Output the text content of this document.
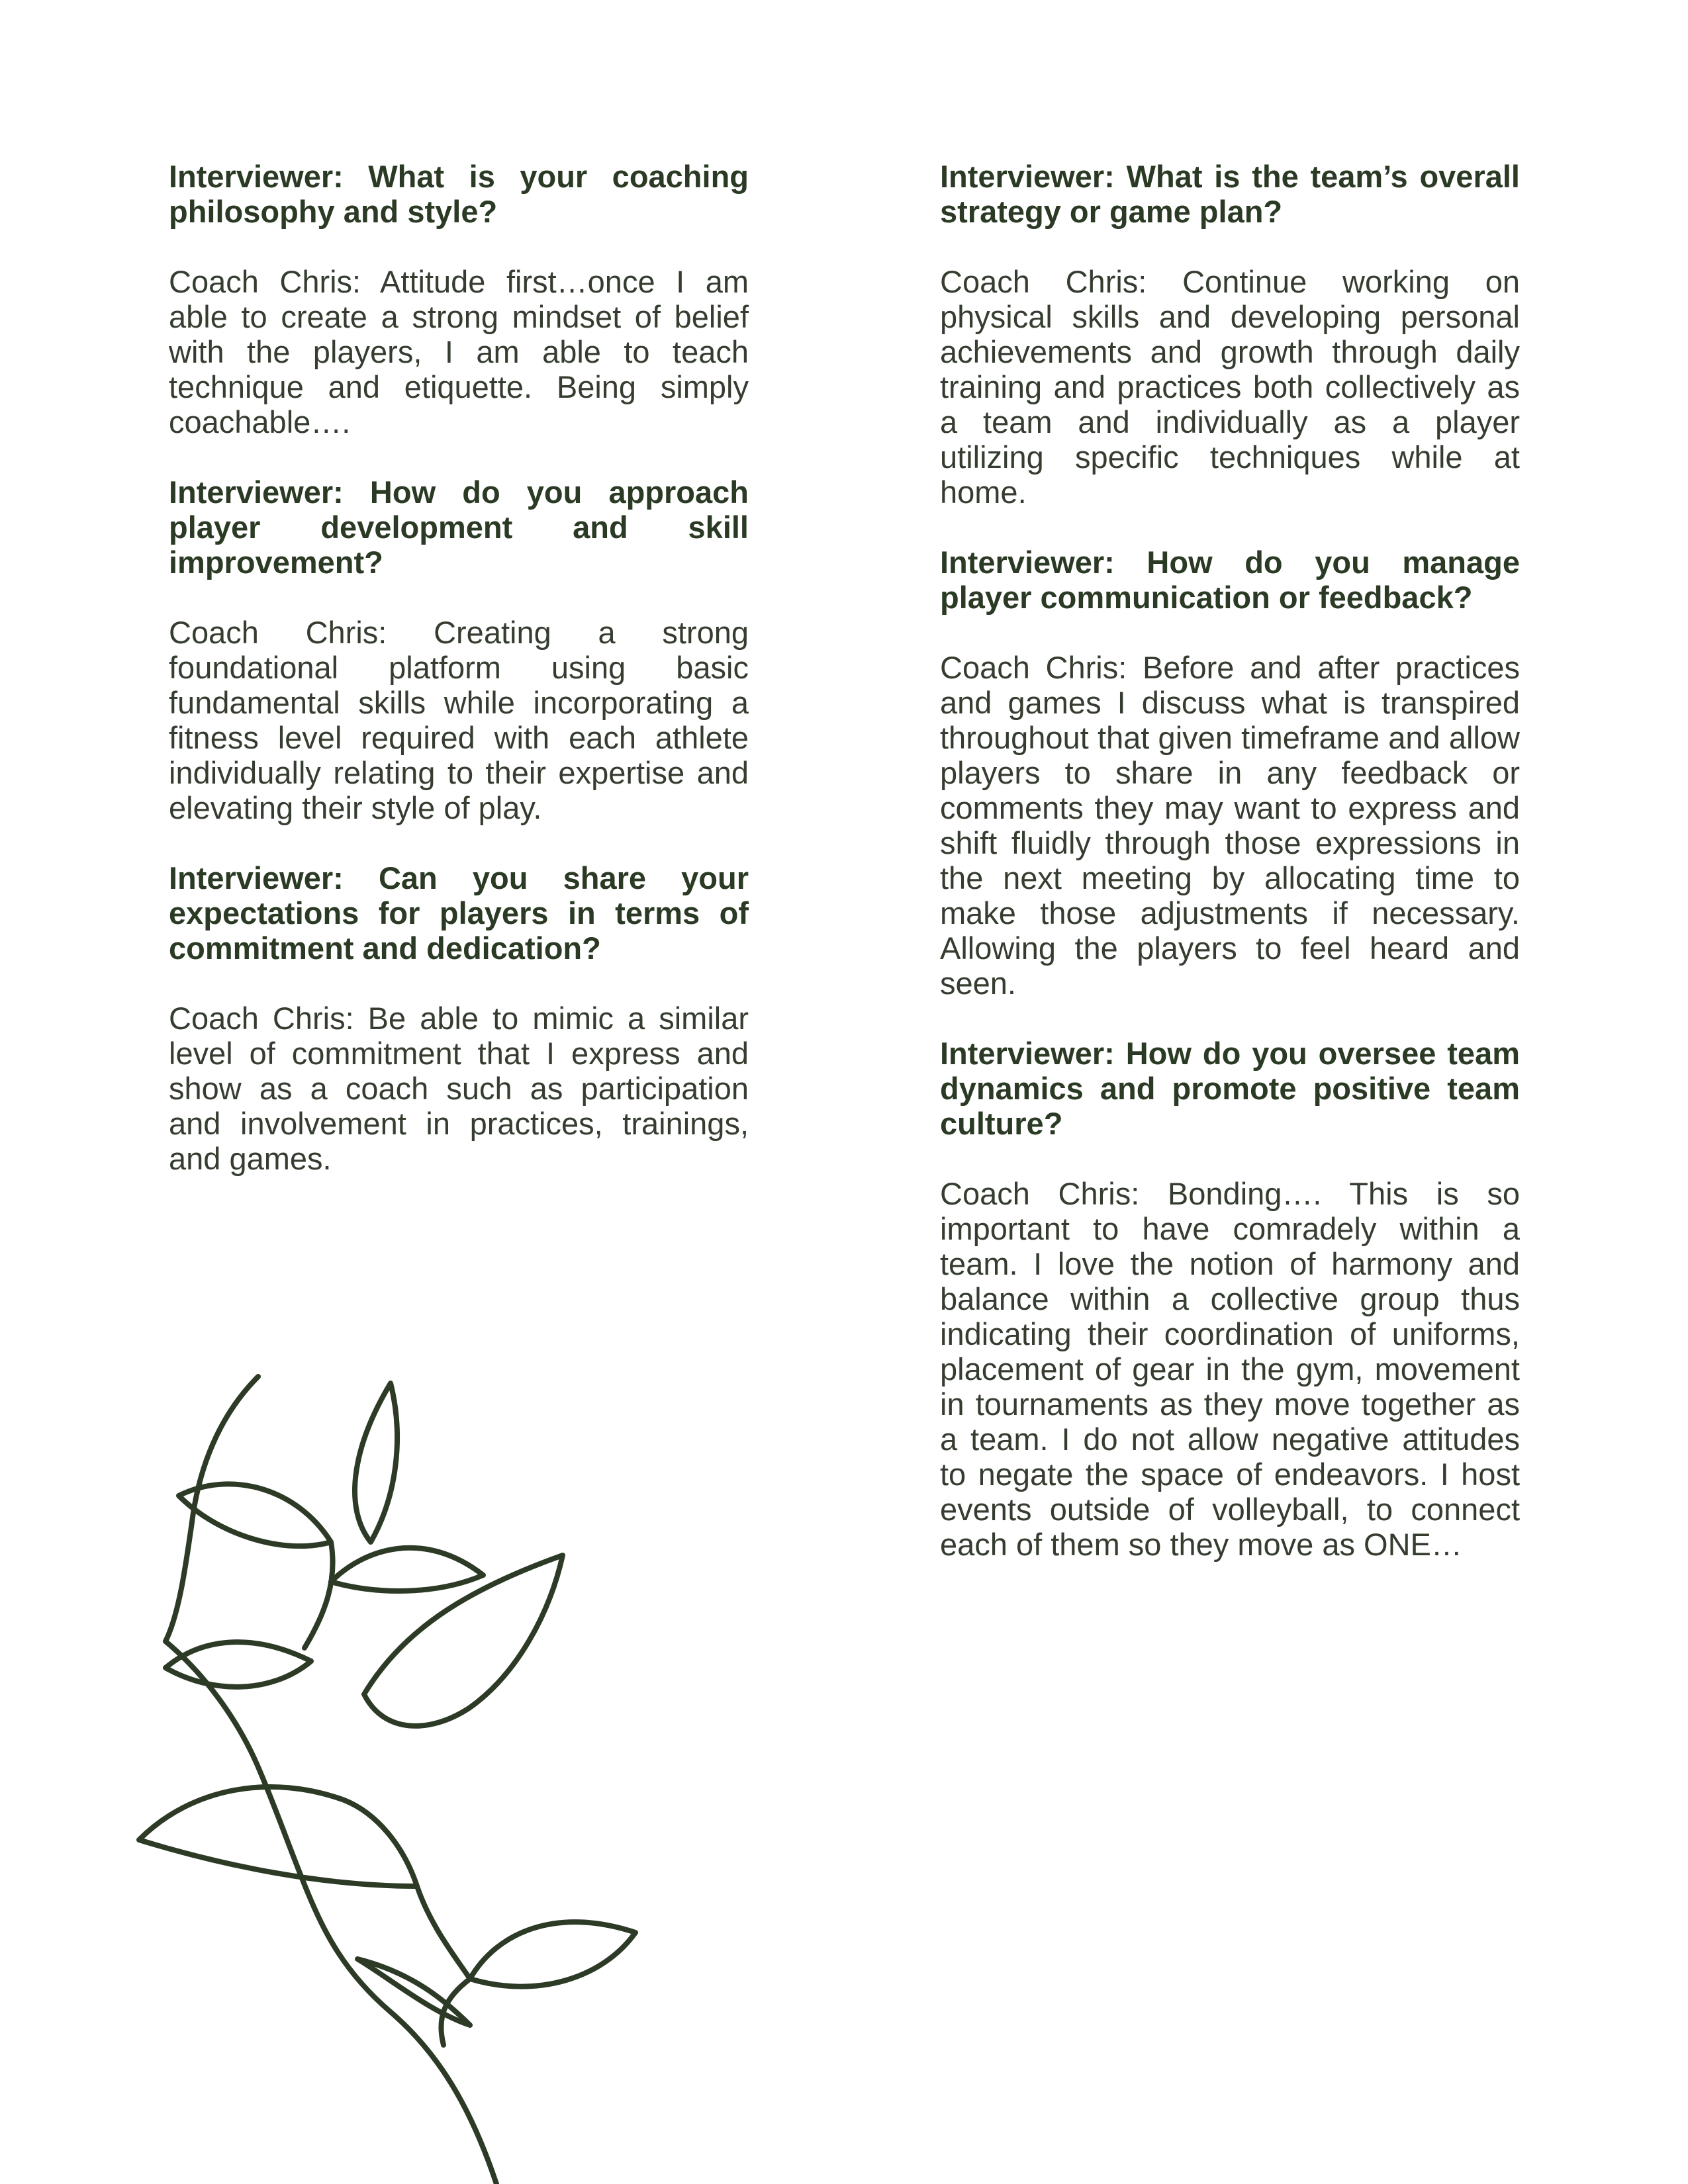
Interviewer: What is your coaching philosophy and style?

Coach Chris: Attitude first…once I am able to create a strong mindset of belief with the players, I am able to teach technique and etiquette. Being simply coachable….

Interviewer: How do you approach player development and skill improvement?

Coach Chris: Creating a strong foundational platform using basic fundamental skills while incorporating a fitness level required with each athlete individually relating to their expertise and elevating their style of play.

Interviewer: Can you share your expectations for players in terms of commitment and dedication?

Coach Chris: Be able to mimic a similar level of commitment that I express and show as a coach such as participation and involvement in practices, trainings, and games.

Interviewer: What is the team’s overall strategy or game plan?

Coach Chris: Continue working on physical skills and developing personal achievements and growth through daily training and practices both collectively as a team and individually as a player utilizing specific techniques while at home.

Interviewer: How do you manage player communication or feedback?

Coach Chris: Before and after practices and games I discuss what is transpired throughout that given timeframe and allow players to share in any feedback or comments they may want to express and shift fluidly through those expressions in the next meeting by allocating time to make those adjustments if necessary. Allowing the players to feel heard and seen.

Interviewer: How do you oversee team dynamics and promote positive team culture?

Coach Chris: Bonding…. This is so important to have comradely within a team. I love the notion of harmony and balance within a collective group thus indicating their coordination of uniforms, placement of gear in the gym, movement in tournaments as they move together as a team. I do not allow negative attitudes to negate the space of endeavors. I host events outside of volleyball, to connect each of them so they move as ONE…
